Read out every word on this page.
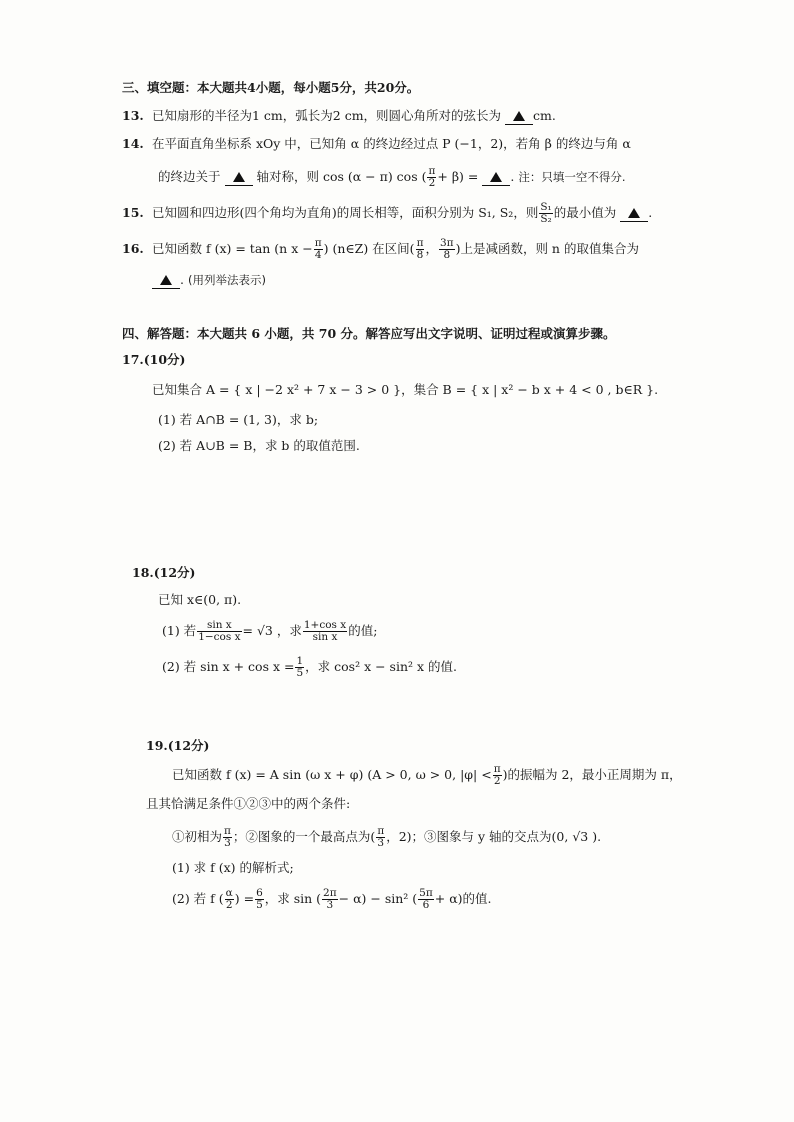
三、填空题：本大题共4小题，每小题5分，共20分。
13. 已知扇形的半径为1 cm，弧长为2 cm，则圆心角所对的弦长为	cm.
14. 在平面直角坐标系 xOy 中，已知角 α 的终边经过点 P (−1，2)，若角 β 的终边与角 α
的终边关于	轴对称，则 cos (α − π) cos ( $\frac{\pi}{2} + \beta$) =	. 注：只填一空不得分.
15. 已知圆和四边形(四个角均为直角)的周长相等，面积分别为 S₁, S₂，则 $\frac{\text{S₁}}{\text{S₂}}$ 的最小值为	.
16. 已知函数 f (x) = tan (n $x - \frac{\pi}{4}$ ) (n∈Z) 在区间( $\frac{\pi}{8}$ ， $\frac{3\pi}{8}$ )上是减函数，则 n 的取值集合为
. (用列举法表示)
四、解答题：本大题共 6 小题，共 70 分。解答应写出文字说明、证明过程或演算步骤。
17.(10分)
已知集合 A = { x | −2 x² + 7 x − 3 > 0 }，集合 B = { x | x² − b x + 4 < 0 , b∈R }.
(1) 若 A∩B = (1, 3)，求 b;
(2) 若 A∪B = B，求 b 的取值范围.
18.(12分)
已知 x∈(0, π).
(1) 若 $\frac{\text{sin x}}{\text{1−cos x}} = √3$ ，求 $\frac{\text{1+cos x}}{\text{sin x}}$ 的值;
(2) 若 $\sin x + \cos x = \frac{1}{5}$ ，求 cos² x − sin² x 的值.
19.(12分)
已知函数 f (x) = A sin (ω x + φ) (A > 0, ω > 0, $|\varphi| < \frac{\pi}{2}$ )的振幅为 2，最小正周期为 π，
且其恰满足条件①②③中的两个条件:
①初相为 $\frac{\pi}{3}$ ；②图象的一个最高点为( $\frac{\pi}{3}$ ，2)；③图象与 y 轴的交点为(0, √3 ).
(1) 求 f (x) 的解析式;
(2) 若 f ( $\frac{\alpha}{2}$ ) = $\frac{6}{5}$ ，求 sin ( $\frac{2\pi}{3} - \alpha) - \sin^2$ ( $\frac{5\pi}{6} + \alpha$)的值.
